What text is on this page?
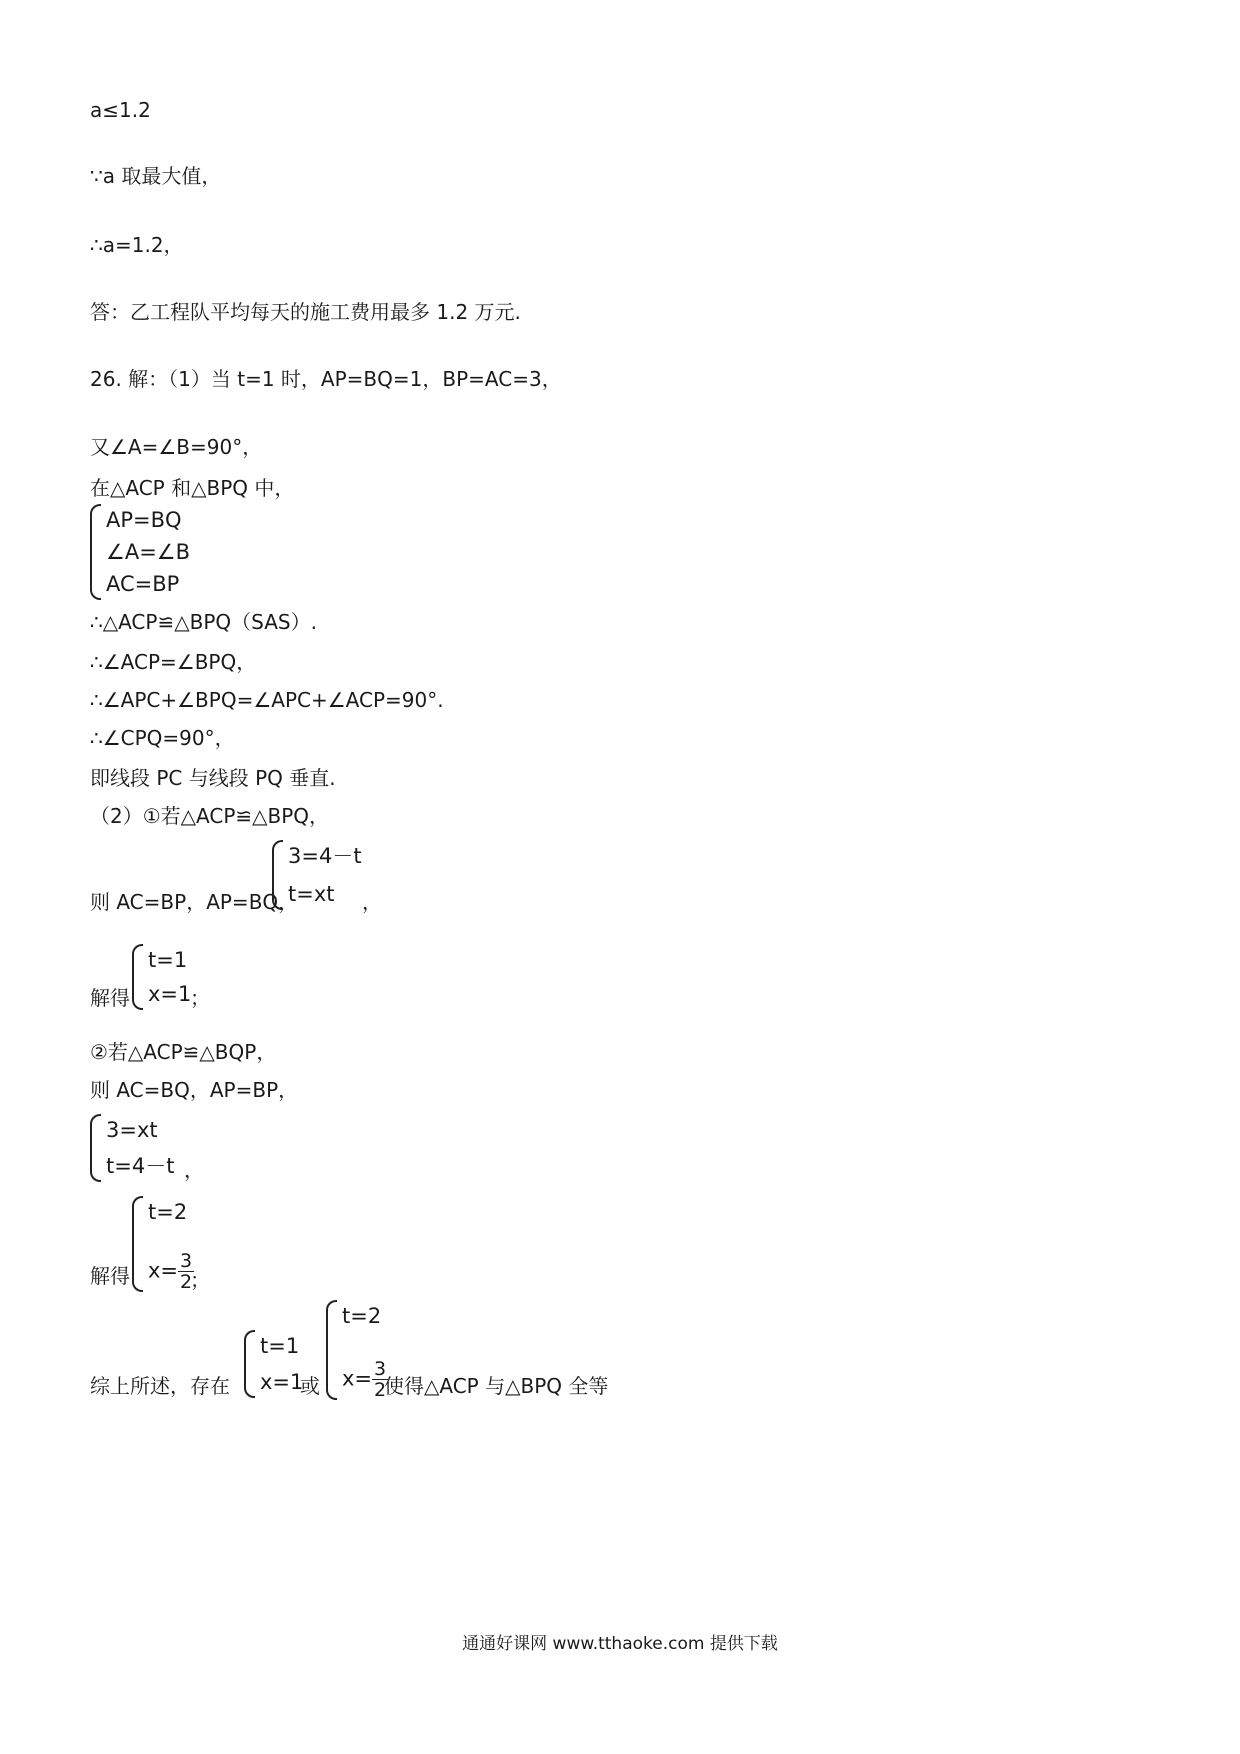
a≤1.2
∵a 取最大值，
∴a=1.2，
答：乙工程队平均每天的施工费用最多 1.2 万元.
26. 解：（1）当 t=1 时，AP=BQ=1，BP=AC=3，
又∠A=∠B=90°，
在△ACP 和△BPQ 中，
AP=BQ
∠A=∠B
AC=BP
∴△ACP≌△BPQ（SAS）.
∴∠ACP=∠BPQ，
∴∠APC+∠BPQ=∠APC+∠ACP=90°.
∴∠CPQ=90°，
即线段 PC 与线段 PQ 垂直.
（2）①若△ACP≌△BPQ，
则 AC=BP，AP=BQ，
3=4－t
t=xt	，
解得
t=1
x=1
；
②若△ACP≌△BQP，
则 AC=BQ，AP=BP，
3=xt
t=4－t ，
解得
t=2
$x= \frac{3}{2}$
；
综上所述，存在
t=1
x=1
或
t=2
$x= \frac{3}{2}$
使得△ACP 与△BPQ 全等
通通好课网 www.tthaoke.com 提供下载
